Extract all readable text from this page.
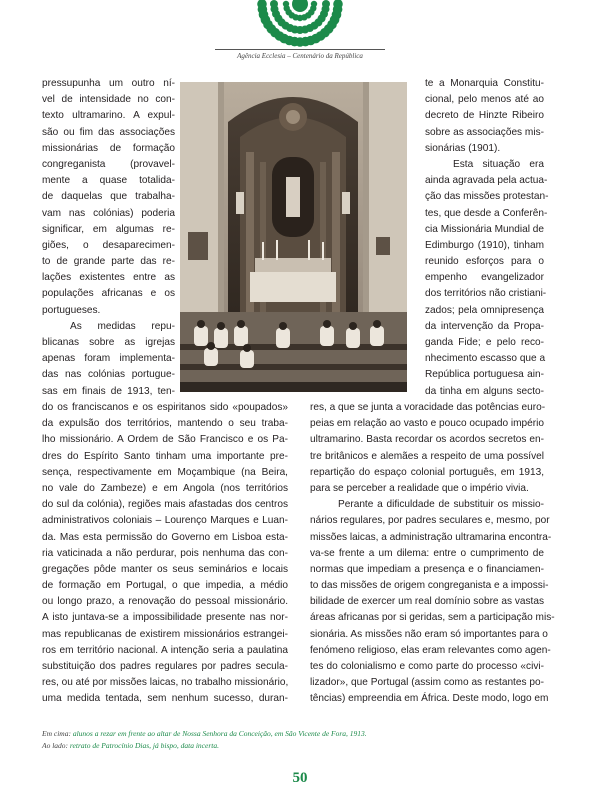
Agência Ecclesia – Centenário da República
pressupunha um outro ní-
vel de intensidade no con-
texto ultramarino. A expul-
são ou fim das associações
missionárias de formação
congreganista (provavel-
mente a quase totalida-
de daquelas que trabalha-
vam nas colónias) poderia
significar, em algumas re-
giões, o desaparecimen-
to de grande parte das re-
lações existentes entre as
populações africanas e os
portugueses.
As medidas repu-
blicanas sobre as igrejas
apenas foram implementa-
das nas colónias portugue-
sas em finais de 1913, ten-
do os franciscanos e os espiritanos sido «poupados»
da expulsão dos territórios, mantendo o seu traba-
lho missionário. A Ordem de São Francisco e os Pa-
dres do Espírito Santo tinham uma importante pre-
sença, respectivamente em Moçambique (na Beira,
no vale do Zambeze) e em Angola (nos territórios
do sul da colónia), regiões mais afastadas dos centros
administrativos coloniais – Lourenço Marques e Luan-
da. Mas esta permissão do Governo em Lisboa esta-
ria vaticinada a não perdurar, pois nenhuma das con-
gregações pôde manter os seus seminários e locais
de formação em Portugal, o que impedia, a médio
ou longo prazo, a renovação do pessoal missionário.
A isto juntava-se a impossibilidade presente nas nor-
mas republicanas de existirem missionários estrangei-
ros em território nacional. A intenção seria a paulatina
substituição dos padres regulares por padres secula-
res, ou até por missões laicas, no trabalho missionário,
uma medida tentada, sem nenhum sucesso, duran-
te a Monarquia Constitu-
cional, pelo menos até ao
decreto de Hinzte Ribeiro
sobre as associações mis-
sionárias (1901).
Esta situação era
ainda agravada pela actua-
ção das missões protestan-
tes, que desde a Conferên-
cia Missionária Mundial de
Edimburgo (1910), tinham
reunido esforços para o
empenho evangelizador
dos territórios não cristiani-
zados; pela omnipresença
da intervenção da Propa-
ganda Fide; e pelo reco-
nhecimento escasso que a
República portuguesa ain-
da tinha em alguns secto-
res, a que se junta a voracidade das potências euro-
peias em relação ao vasto e pouco ocupado império
ultramarino. Basta recordar os acordos secretos en-
tre britânicos e alemães a respeito de uma possível
repartição do espaço colonial português, em 1913,
para se perceber a realidade que o império vivia.
Perante a dificuldade de substituir os missio-
nários regulares, por padres seculares e, mesmo, por
missões laicas, a administração ultramarina encontra-
va-se frente a um dilema: entre o cumprimento de
normas que impediam a presença e o financiamen-
to das missões de origem congreganista e a impossi-
bilidade de exercer um real domínio sobre as vastas
áreas africanas por si geridas, sem a participação mis-
sionária. As missões não eram só importantes para o
fenómeno religioso, elas eram relevantes como agen-
tes do colonialismo e como parte do processo «civi-
lizador», que Portugal (assim como as restantes po-
tências) empreendia em África. Deste modo, logo em
Em cima: alunos a rezar em frente ao altar de Nossa Senhora da Conceição, em São Vicente de Fora, 1913.
Ao lado: retrato de Patrocínio Dias, já bispo, data incerta.
50
